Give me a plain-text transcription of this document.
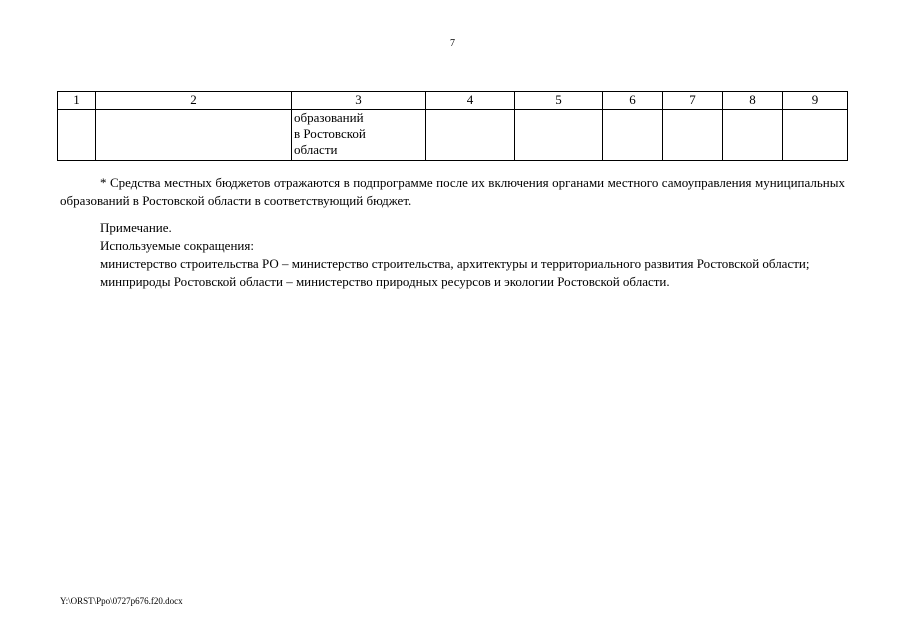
7
1	2	3	4	5	6	7	8	9

		образований
в Ростовской
области						

* Средства местных бюджетов отражаются в подпрограмме после их включения органами местного самоуправления муниципальных образований в Ростовской области в соответствующий бюджет.

Примечание.

Используемые сокращения:

министерство строительства РО – министерство строительства, архитектуры и территориального развития Ростовской области;

минприроды Ростовской области – министерство природных ресурсов и экологии Ростовской области.

Y:\ORST\Ppo\0727p676.f20.docx
